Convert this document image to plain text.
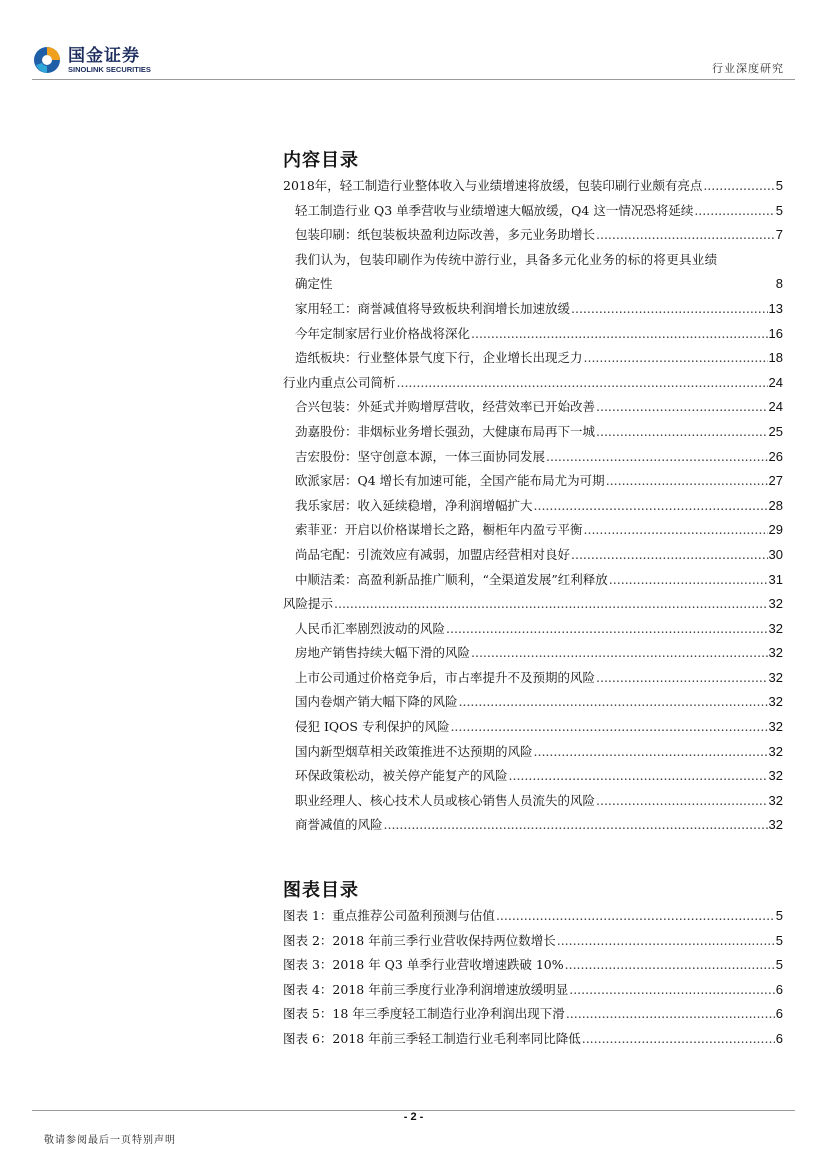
国金证券
SINOLINK SECURITIES	行业深度研究
内容目录
2018年，轻工制造行业整体收入与业绩增速将放缓，包装印刷行业颇有亮点 .....	5
轻工制造行业 Q3 单季营收与业绩增速大幅放缓，Q4 这一情况恐将延续 .....	5
包装印刷：纸包装板块盈利边际改善，多元业务助增长 .....	7
我们认为，包装印刷作为传统中游行业，具备多元化业务的标的将更具业绩
确定性	8
家用轻工：商誉减值将导致板块利润增长加速放缓 .....	13
今年定制家居行业价格战将深化 .....	16
造纸板块：行业整体景气度下行，企业增长出现乏力 .....	18
行业内重点公司简析 .....	24
合兴包装：外延式并购增厚营收，经营效率已开始改善 .....	24
劲嘉股份：非烟标业务增长强劲，大健康布局再下一城 .....	25
吉宏股份：坚守创意本源，一体三面协同发展 .....	26
欧派家居：Q4 增长有加速可能，全国产能布局尤为可期 .....	27
我乐家居：收入延续稳增，净利润增幅扩大 .....	28
索菲亚：开启以价格谋增长之路，橱柜年内盈亏平衡 .....	29
尚品宅配：引流效应有减弱，加盟店经营相对良好 .....	30
中顺洁柔：高盈利新品推广顺利，“全渠道发展”红利释放 .....	31
风险提示 .....	32
人民币汇率剧烈波动的风险 .....	32
房地产销售持续大幅下滑的风险 .....	32
上市公司通过价格竞争后，市占率提升不及预期的风险 .....	32
国内卷烟产销大幅下降的风险 .....	32
侵犯 IQOS 专利保护的风险 .....	32
国内新型烟草相关政策推进不达预期的风险 .....	32
环保政策松动，被关停产能复产的风险 .....	32
职业经理人、核心技术人员或核心销售人员流失的风险 .....	32
商誉减值的风险 .....	32
图表目录
图表 1：重点推荐公司盈利预测与估值 .....	5
图表 2：2018 年前三季行业营收保持两位数增长 .....	5
图表 3：2018 年 Q3 单季行业营收增速跌破 10% .....	5
图表 4：2018 年前三季度行业净利润增速放缓明显 .....	6
图表 5：18 年三季度轻工制造行业净利润出现下滑 .....	6
图表 6：2018 年前三季轻工制造行业毛利率同比降低 .....	6
- 2 -
敬请参阅最后一页特别声明
